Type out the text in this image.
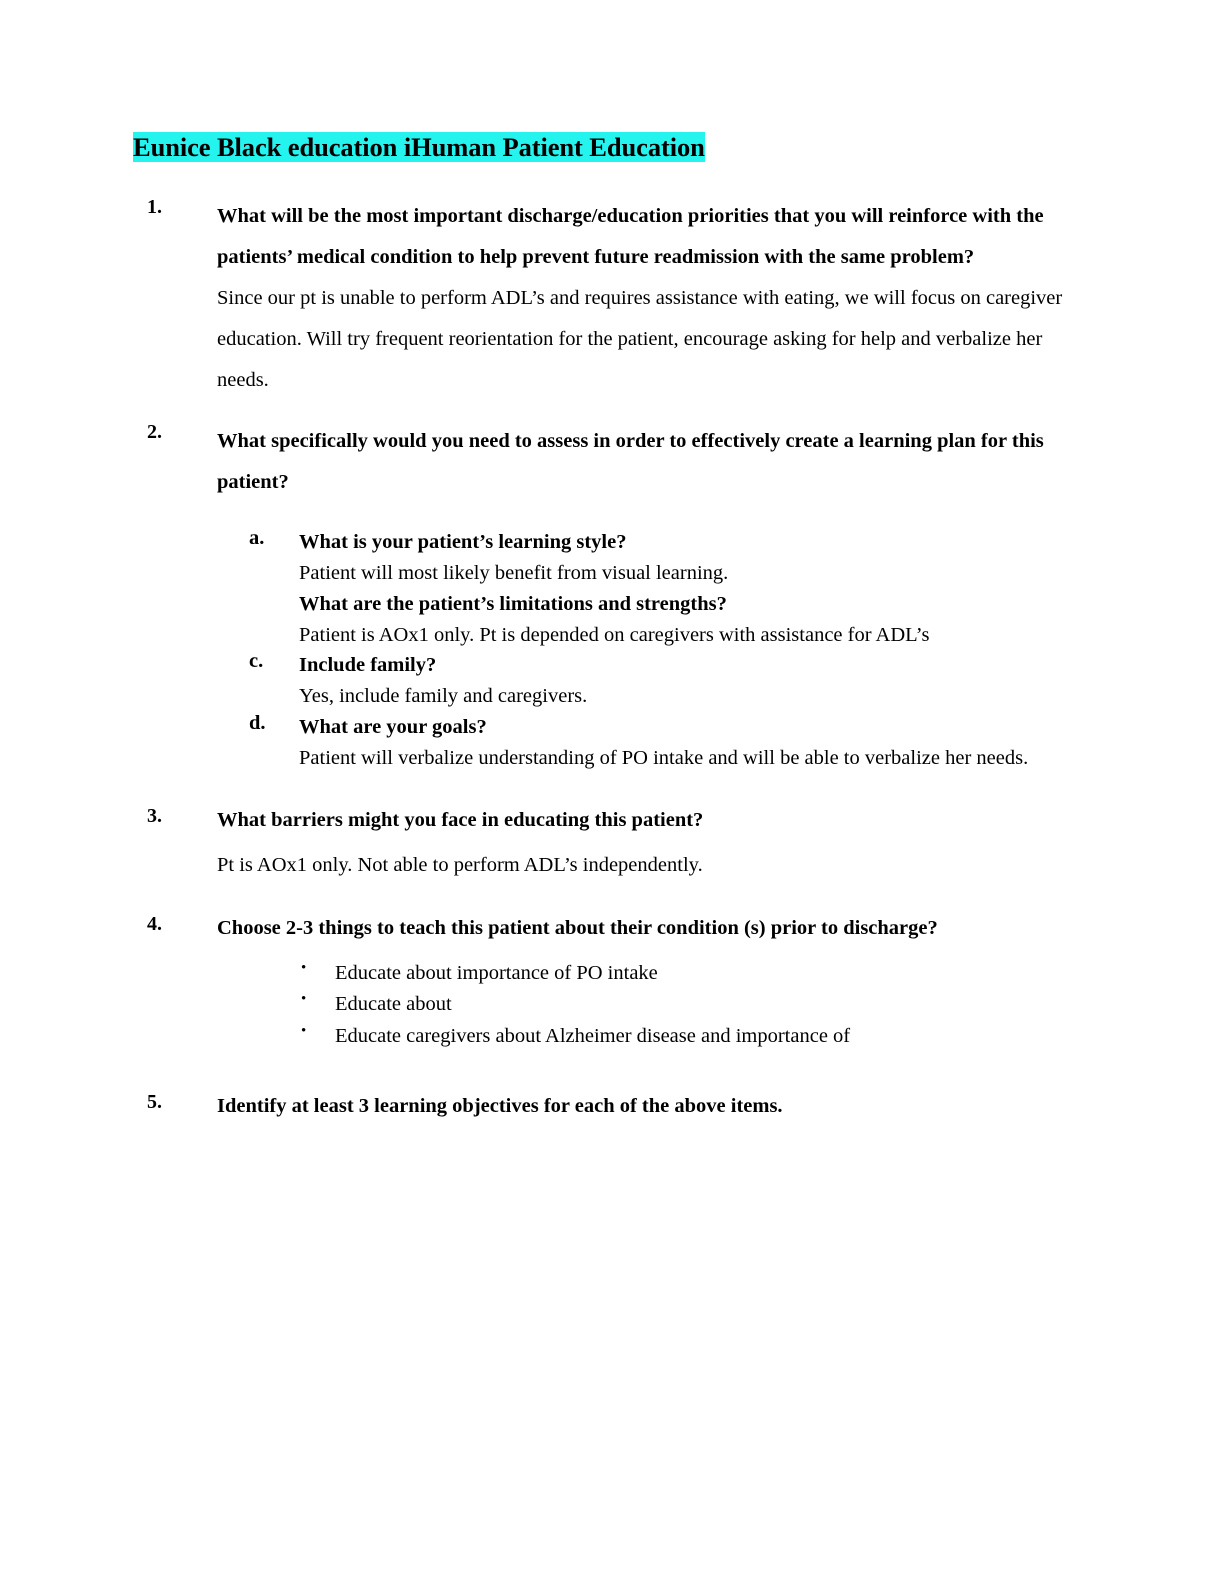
Eunice Black education iHuman Patient Education
1.	What will be the most important discharge/education priorities that you will reinforce with the patients’ medical condition to help prevent future readmission with the same problem?
Since our pt is unable to perform ADL’s and requires assistance with eating, we will focus on caregiver education. Will try frequent reorientation for the patient, encourage asking for help and verbalize her needs.
2.	What specifically would you need to assess in order to effectively create a learning plan for this patient?
a. What is your patient’s learning style?
Patient will most likely benefit from visual learning.
What are the patient’s limitations and strengths?
Patient is AOx1 only. Pt is depended on caregivers with assistance for ADL’s
c. Include family?
Yes, include family and caregivers.
d. What are your goals?
Patient will verbalize understanding of PO intake and will be able to verbalize her needs.
3.	What barriers might you face in educating this patient?
Pt is AOx1 only. Not able to perform ADL’s independently.
4.	Choose 2-3 things to teach this patient about their condition (s) prior to discharge?
• Educate about importance of PO intake
• Educate about
• Educate caregivers about Alzheimer disease and importance of
5.	Identify at least 3 learning objectives for each of the above items.
